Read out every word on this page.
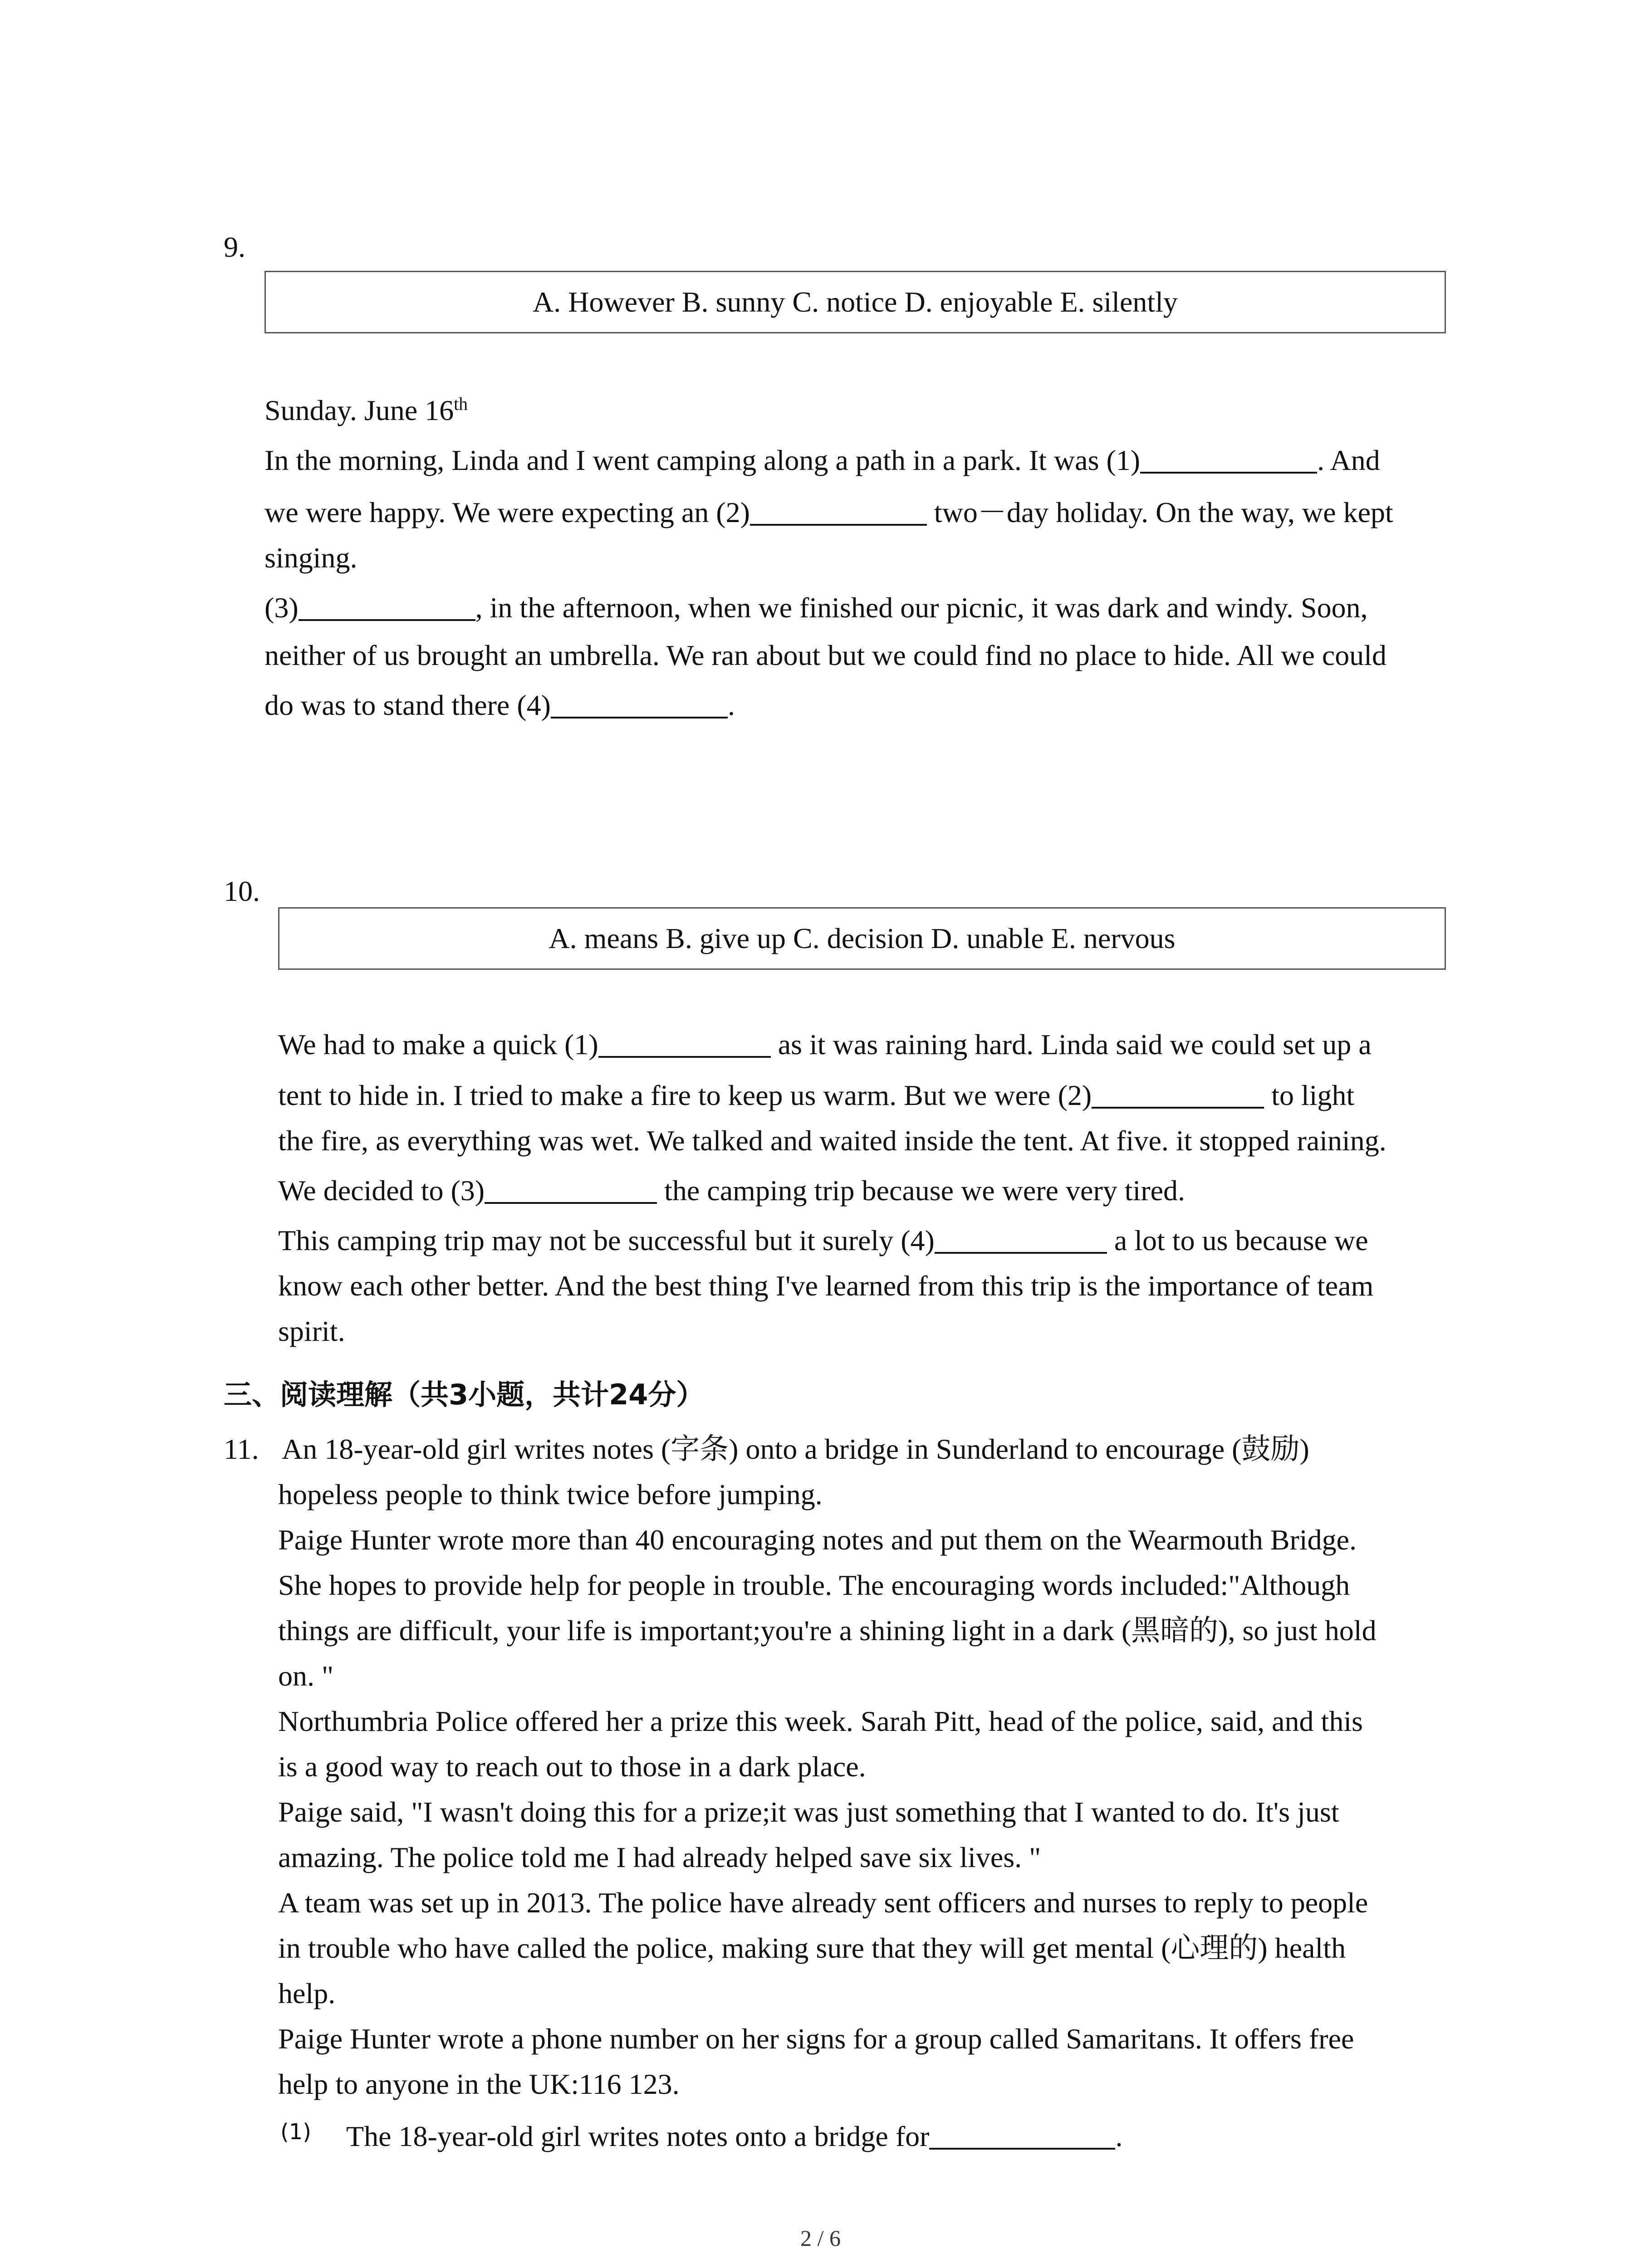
9.
A. However B. sunny C. notice D. enjoyable E. silently
Sunday. June 16th
In the morning, Linda and I went camping along a path in a park. It was (1)	. And
we were happy. We were expecting an (2)	two－day holiday. On the way, we kept
singing.
(3)	, in the afternoon, when we finished our picnic, it was dark and windy. Soon,
neither of us brought an umbrella. We ran about but we could find no place to hide. All we could
do was to stand there (4)	.
10.
A. means B. give up C. decision D. unable E. nervous
We had to make a quick (1)	as it was raining hard. Linda said we could set up a
tent to hide in. I tried to make a fire to keep us warm. But we were (2)	to light
the fire, as everything was wet. We talked and waited inside the tent. At five. it stopped raining.
We decided to (3)	the camping trip because we were very tired.
This camping trip may not be successful but it surely (4)	a lot to us because we
know each other better. And the best thing I've learned from this trip is the importance of team
spirit.
三、阅读理解（共3小题，共计24分）
11. An 18-year-old girl writes notes (字条) onto a bridge in Sunderland to encourage (鼓励)
hopeless people to think twice before jumping.
Paige Hunter wrote more than 40 encouraging notes and put them on the Wearmouth Bridge.
She hopes to provide help for people in trouble. The encouraging words included:"Although
things are difficult, your life is important;you're a shining light in a dark (黑暗的), so just hold
on. "
Northumbria Police offered her a prize this week. Sarah Pitt, head of the police, said, and this
is a good way to reach out to those in a dark place.
Paige said, "I wasn't doing this for a prize;it was just something that I wanted to do. It's just
amazing. The police told me I had already helped save six lives. "
A team was set up in 2013. The police have already sent officers and nurses to reply to people
in trouble who have called the police, making sure that they will get mental (心理的) health
help.
Paige Hunter wrote a phone number on her signs for a group called Samaritans. It offers free
help to anyone in the UK:116 123.
(1) The 18-year-old girl writes notes onto a bridge for	.
2 / 6
